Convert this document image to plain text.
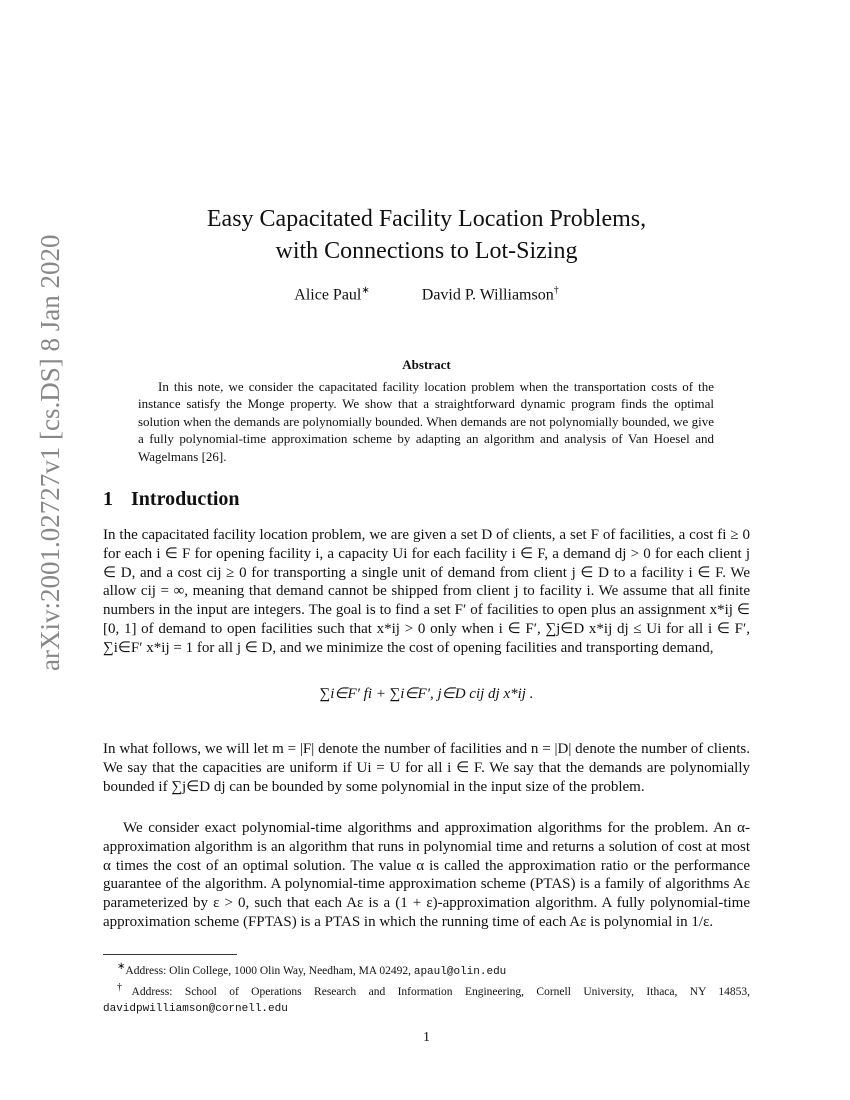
arXiv:2001.02727v1 [cs.DS] 8 Jan 2020
Easy Capacitated Facility Location Problems,
with Connections to Lot-Sizing
Alice Paul∗	David P. Williamson†
Abstract

In this note, we consider the capacitated facility location problem when the transportation costs of the instance satisfy the Monge property. We show that a straightforward dynamic program finds the optimal solution when the demands are polynomially bounded. When demands are not polynomially bounded, we give a fully polynomial-time approximation scheme by adapting an algorithm and analysis of Van Hoesel and Wagelmans [26].

1 Introduction

In the capacitated facility location problem, we are given a set D of clients, a set F of facilities, a cost fi ≥ 0 for each i ∈ F for opening facility i, a capacity Ui for each facility i ∈ F, a demand dj > 0 for each client j ∈ D, and a cost cij ≥ 0 for transporting a single unit of demand from client j ∈ D to a facility i ∈ F. We allow cij = ∞, meaning that demand cannot be shipped from client j to facility i. We assume that all finite numbers in the input are integers. The goal is to find a set F′ of facilities to open plus an assignment x*ij ∈ [0, 1] of demand to open facilities such that x*ij > 0 only when i ∈ F′, ∑j∈D x*ij dj ≤ Ui for all i ∈ F′, ∑i∈F′ x*ij = 1 for all j ∈ D, and we minimize the cost of opening facilities and transporting demand,

∑i∈F′ fi + ∑i∈F′, j∈D cij dj x*ij .

In what follows, we will let m = |F| denote the number of facilities and n = |D| denote the number of clients. We say that the capacities are uniform if Ui = U for all i ∈ F. We say that the demands are polynomially bounded if ∑j∈D dj can be bounded by some polynomial in the input size of the problem.

We consider exact polynomial-time algorithms and approximation algorithms for the problem. An α-approximation algorithm is an algorithm that runs in polynomial time and returns a solution of cost at most α times the cost of an optimal solution. The value α is called the approximation ratio or the performance guarantee of the algorithm. A polynomial-time approximation scheme (PTAS) is a family of algorithms Aε parameterized by ε > 0, such that each Aε is a (1 + ε)-approximation algorithm. A fully polynomial-time approximation scheme (FPTAS) is a PTAS in which the running time of each Aε is polynomial in 1/ε.

∗Address: Olin College, 1000 Olin Way, Needham, MA 02492, apaul@olin.edu

†Address: School of Operations Research and Information Engineering, Cornell University, Ithaca, NY 14853, davidpwilliamson@cornell.edu

1
